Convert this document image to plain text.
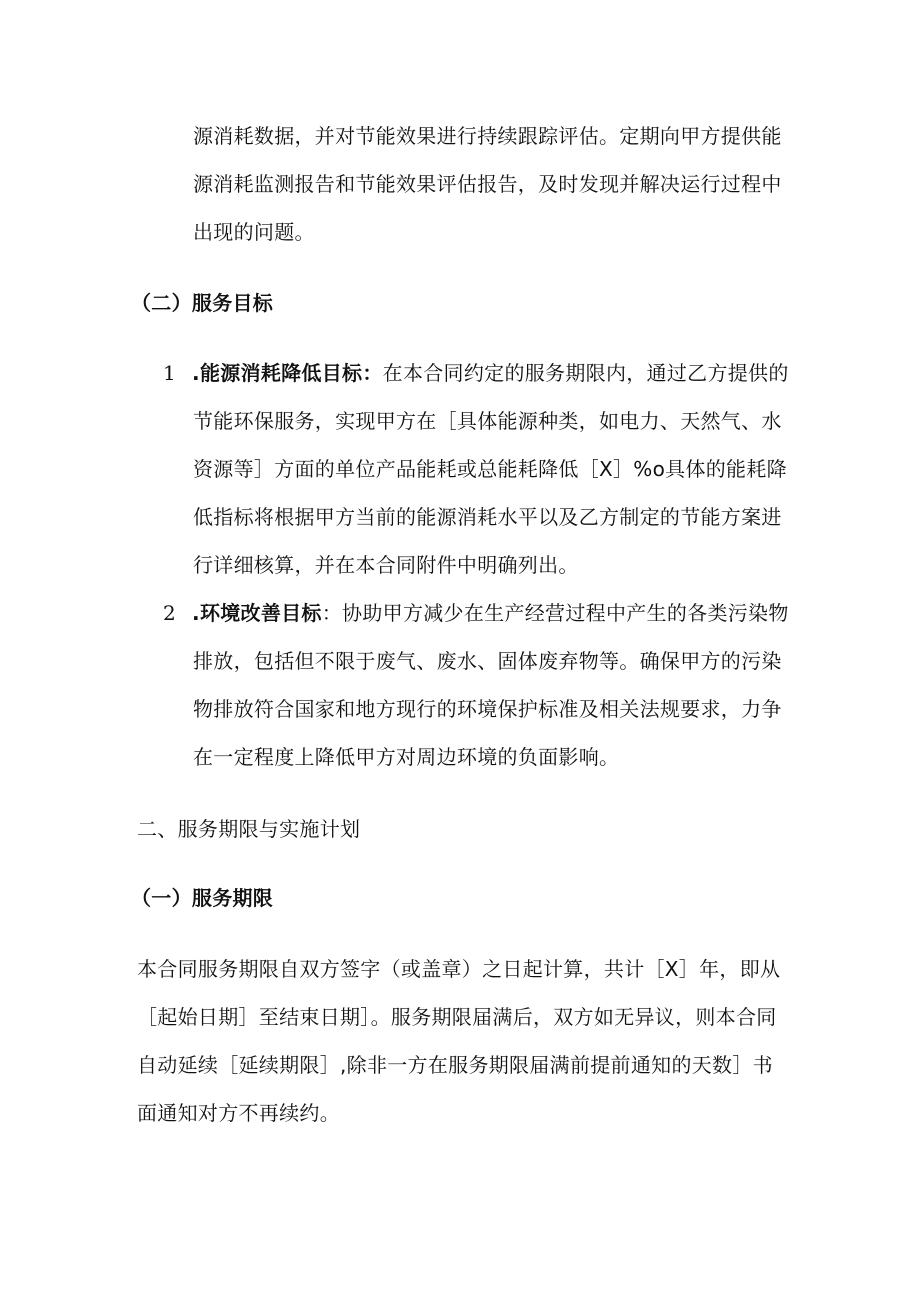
源消耗数据，并对节能效果进行持续跟踪评估。定期向甲方提供能
源消耗监测报告和节能效果评估报告，及时发现并解决运行过程中
出现的问题。
（二）服务目标
1 .能源消耗降低目标：在本合同约定的服务期限内，通过乙方提供的
节能环保服务，实现甲方在［具体能源种类，如电力、天然气、水
资源等］方面的单位产品能耗或总能耗降低［X］%o具体的能耗降
低指标将根据甲方当前的能源消耗水平以及乙方制定的节能方案进
行详细核算，并在本合同附件中明确列出。
2 .环境改善目标：协助甲方减少在生产经营过程中产生的各类污染物
排放，包括但不限于废气、废水、固体废弃物等。确保甲方的污染
物排放符合国家和地方现行的环境保护标准及相关法规要求，力争
在一定程度上降低甲方对周边环境的负面影响。
二、服务期限与实施计划
（一）服务期限
本合同服务期限自双方签字（或盖章）之日起计算，共计［X］年，即从
［起始日期］至结束日期］。服务期限届满后，双方如无异议，则本合同
自动延续［延续期限］,除非一方在服务期限届满前提前通知的天数］书
面通知对方不再续约。
